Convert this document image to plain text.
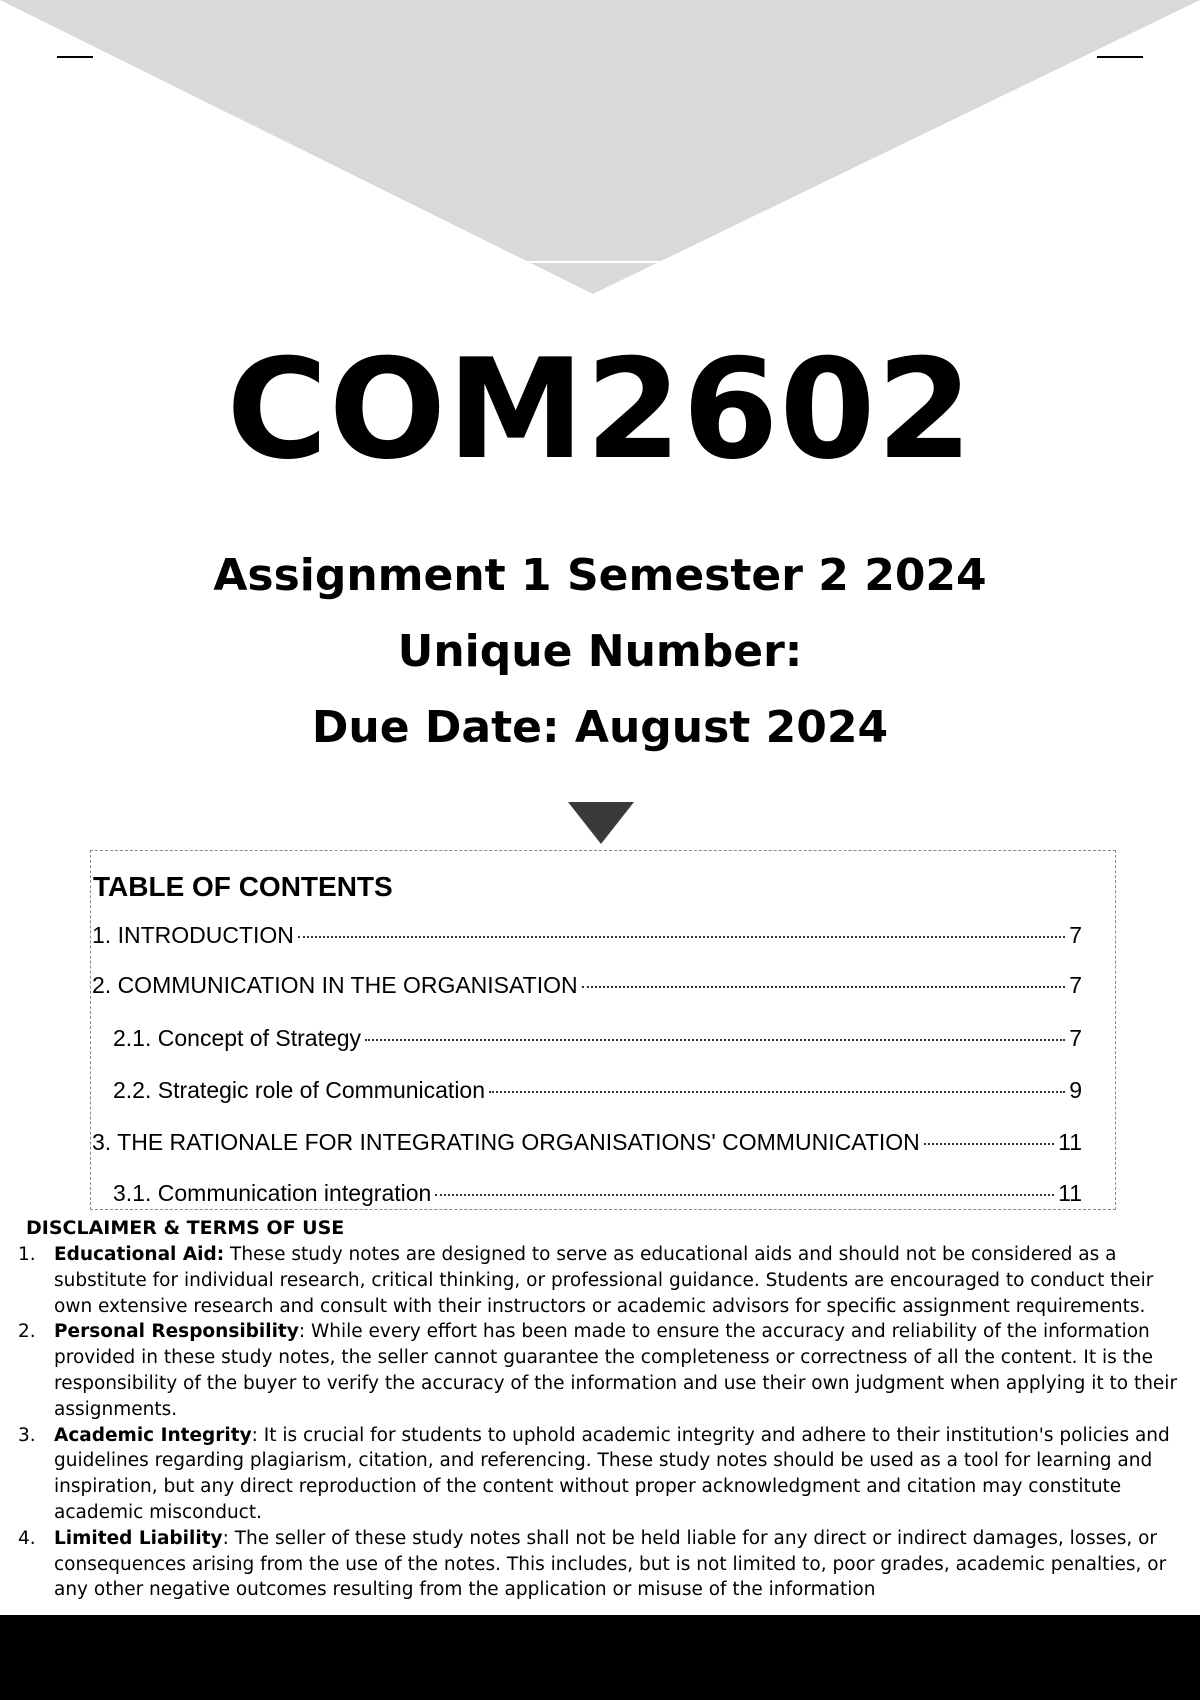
COM2602
Assignment 1 Semester 2 2024
Unique Number:
Due Date: August 2024
TABLE OF CONTENTS
1. INTRODUCTION	7
2. COMMUNICATION IN THE ORGANISATION	7
2.1. Concept of Strategy	7
2.2. Strategic role of Communication	9
3. THE RATIONALE FOR INTEGRATING ORGANISATIONS' COMMUNICATION	11
3.1. Communication integration	11
DISCLAIMER & TERMS OF USE
1. Educational Aid: These study notes are designed to serve as educational aids and should not be considered as a substitute for individual research, critical thinking, or professional guidance. Students are encouraged to conduct their own extensive research and consult with their instructors or academic advisors for specific assignment requirements.
2. Personal Responsibility: While every effort has been made to ensure the accuracy and reliability of the information provided in these study notes, the seller cannot guarantee the completeness or correctness of all the content. It is the responsibility of the buyer to verify the accuracy of the information and use their own judgment when applying it to their assignments.
3. Academic Integrity: It is crucial for students to uphold academic integrity and adhere to their institution's policies and guidelines regarding plagiarism, citation, and referencing. These study notes should be used as a tool for learning and inspiration, but any direct reproduction of the content without proper acknowledgment and citation may constitute academic misconduct.
4. Limited Liability: The seller of these study notes shall not be held liable for any direct or indirect damages, losses, or consequences arising from the use of the notes. This includes, but is not limited to, poor grades, academic penalties, or any other negative outcomes resulting from the application or misuse of the information
